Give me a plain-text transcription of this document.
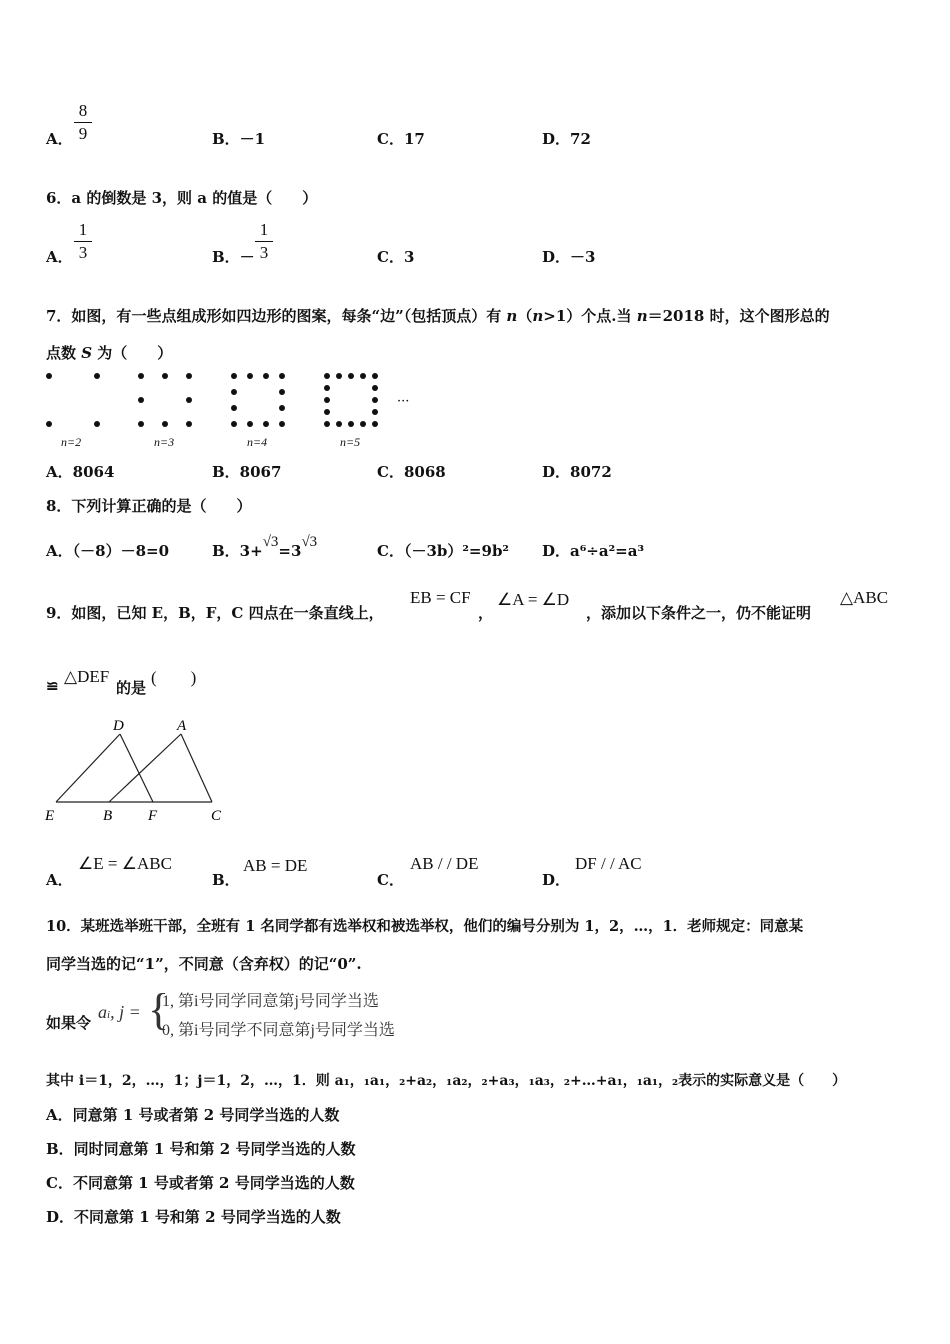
A．
8
9	B．－1	C．17	D．72
6．a 的倒数是 3，则 a 的值是（　　）
A．
1
3	B．－
1
3	C．3	D．－3
7．如图，有一些点组成形如四边形的图案，每条“边”（包括顶点）有 n（n>1）个点.当 n＝2018 时，这个图形总的
点数 S 为（　　）
···
n=2	n=3	n=4	n=5
A．8064	B．8067	C．8068	D．8072
8．下列计算正确的是（　　）
A．（－8）－8=0	B．3+√3=3√3	C．（－3b）²=9b² D．a⁶÷a²=a³
9．如图，已知 E，B，F，C 四点在一条直线上，
EB = CF
，
∠A = ∠D
，添加以下条件之一，仍不能证明
△ABC
≌ △DEF
的是
(　　)
D	A
E	B F	C
A．
∠E = ∠ABC
B．
AB = DE
C．
AB / / DE
D．
DF / / AC
10．某班选举班干部，全班有 1 名同学都有选举权和被选举权，他们的编号分别为 1，2，…，1．老师规定：同意某
同学当选的记“1”，不同意（含弃权）的记“0”.
如果令
ai, j = {
1, 第i号同学同意第j号同学当选
0, 第i号同学不同意第j号同学当选
其中 i＝1，2，…，1；j＝1，2，…，1．则 a₁，₁a₁，₂+a₂，₁a₂，₂+a₃，₁a₃，₂+…+a₁，₁a₁，₂表示的实际意义是（　　）
A．同意第 1 号或者第 2 号同学当选的人数
B．同时同意第 1 号和第 2 号同学当选的人数
C．不同意第 1 号或者第 2 号同学当选的人数
D．不同意第 1 号和第 2 号同学当选的人数
